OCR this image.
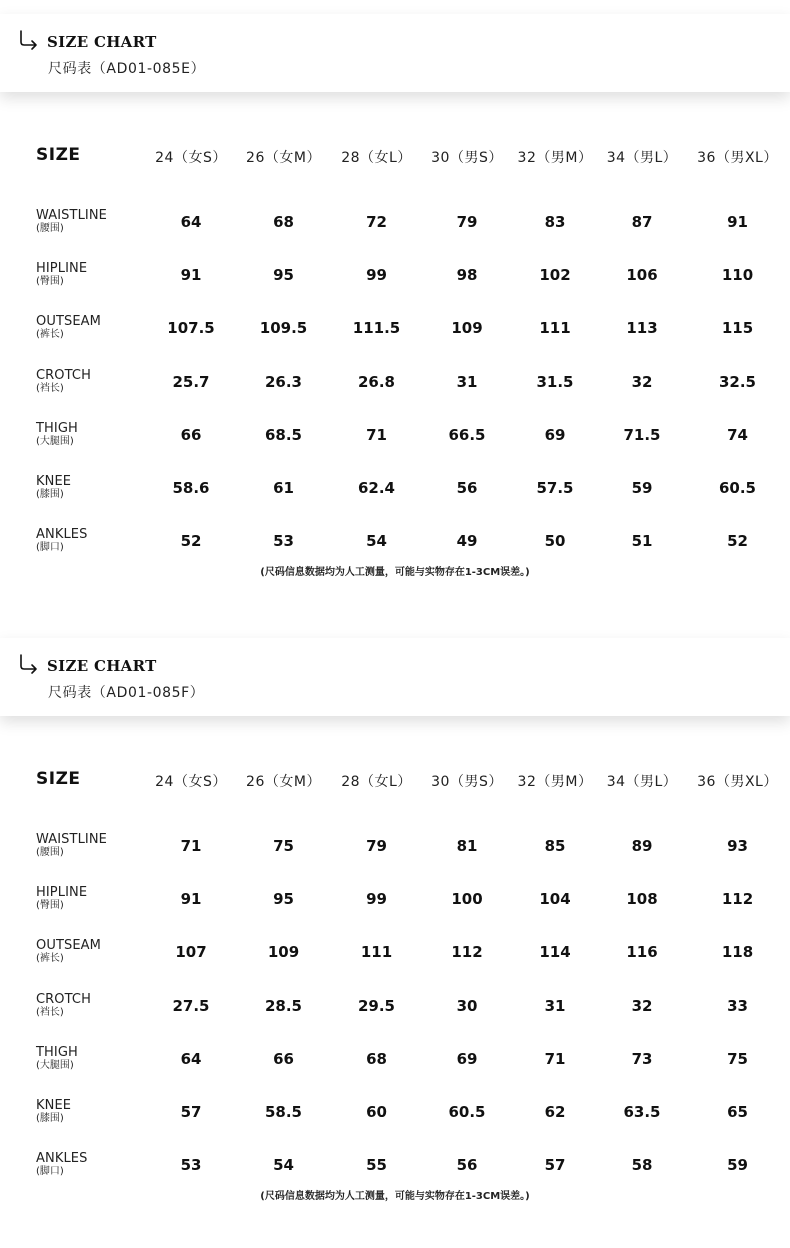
SIZE CHART
尺码表（AD01-085E）
SIZE	24（女S）	26（女M）	28（女L）	30（男S）	32（男M）	34（男L）	36（男XL）

WAISTLINE
(腰围)	64	68	72	79	83	87	91

HIPLINE
(臀围)	91	95	99	98	102	106	110

OUTSEAM
(裤长)	107.5	109.5	111.5	109	111	113	115

CROTCH
(裆长)	25.7	26.3	26.8	31	31.5	32	32.5

THIGH
(大腿围)	66	68.5	71	66.5	69	71.5	74

KNEE
(膝围)	58.6	61	62.4	56	57.5	59	60.5

ANKLES
(脚口)	52	53	54	49	50	51	52
(尺码信息数据均为人工测量，可能与实物存在1-3CM误差。)
SIZE CHART
尺码表（AD01-085F）
SIZE	24（女S）	26（女M）	28（女L）	30（男S）	32（男M）	34（男L）	36（男XL）

WAISTLINE
(腰围)	71	75	79	81	85	89	93

HIPLINE
(臀围)	91	95	99	100	104	108	112

OUTSEAM
(裤长)	107	109	111	112	114	116	118

CROTCH
(裆长)	27.5	28.5	29.5	30	31	32	33

THIGH
(大腿围)	64	66	68	69	71	73	75

KNEE
(膝围)	57	58.5	60	60.5	62	63.5	65

ANKLES
(脚口)	53	54	55	56	57	58	59
(尺码信息数据均为人工测量，可能与实物存在1-3CM误差。)
